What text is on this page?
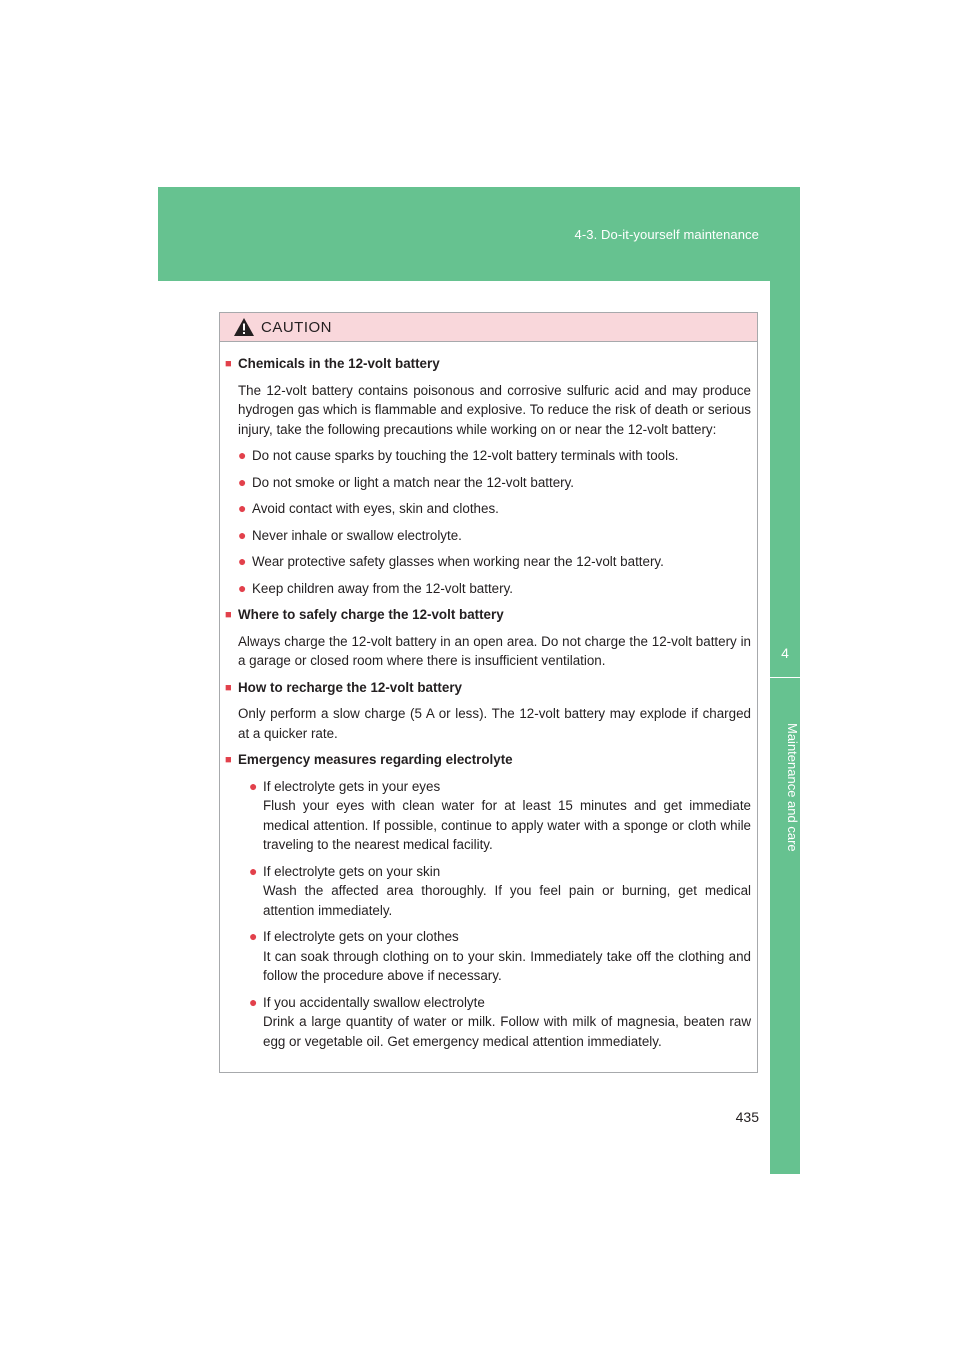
4-3. Do-it-yourself maintenance
4
Maintenance and care
CAUTION
■ Chemicals in the 12-volt battery
The 12-volt battery contains poisonous and corrosive sulfuric acid and may produce hydrogen gas which is flammable and explosive. To reduce the risk of death or serious injury, take the following precautions while working on or near the 12-volt battery:
● Do not cause sparks by touching the 12-volt battery terminals with tools.
● Do not smoke or light a match near the 12-volt battery.
● Avoid contact with eyes, skin and clothes.
● Never inhale or swallow electrolyte.
● Wear protective safety glasses when working near the 12-volt battery.
● Keep children away from the 12-volt battery.
■ Where to safely charge the 12-volt battery
Always charge the 12-volt battery in an open area. Do not charge the 12-volt battery in a garage or closed room where there is insufficient ventilation.
■ How to recharge the 12-volt battery
Only perform a slow charge (5 A or less). The 12-volt battery may explode if charged at a quicker rate.
■ Emergency measures regarding electrolyte
● If electrolyte gets in your eyes
Flush your eyes with clean water for at least 15 minutes and get immediate medical attention. If possible, continue to apply water with a sponge or cloth while traveling to the nearest medical facility.
● If electrolyte gets on your skin
Wash the affected area thoroughly. If you feel pain or burning, get medical attention immediately.
● If electrolyte gets on your clothes
It can soak through clothing on to your skin. Immediately take off the clothing and follow the procedure above if necessary.
● If you accidentally swallow electrolyte
Drink a large quantity of water or milk. Follow with milk of magnesia, beaten raw egg or vegetable oil. Get emergency medical attention immediately.
435
